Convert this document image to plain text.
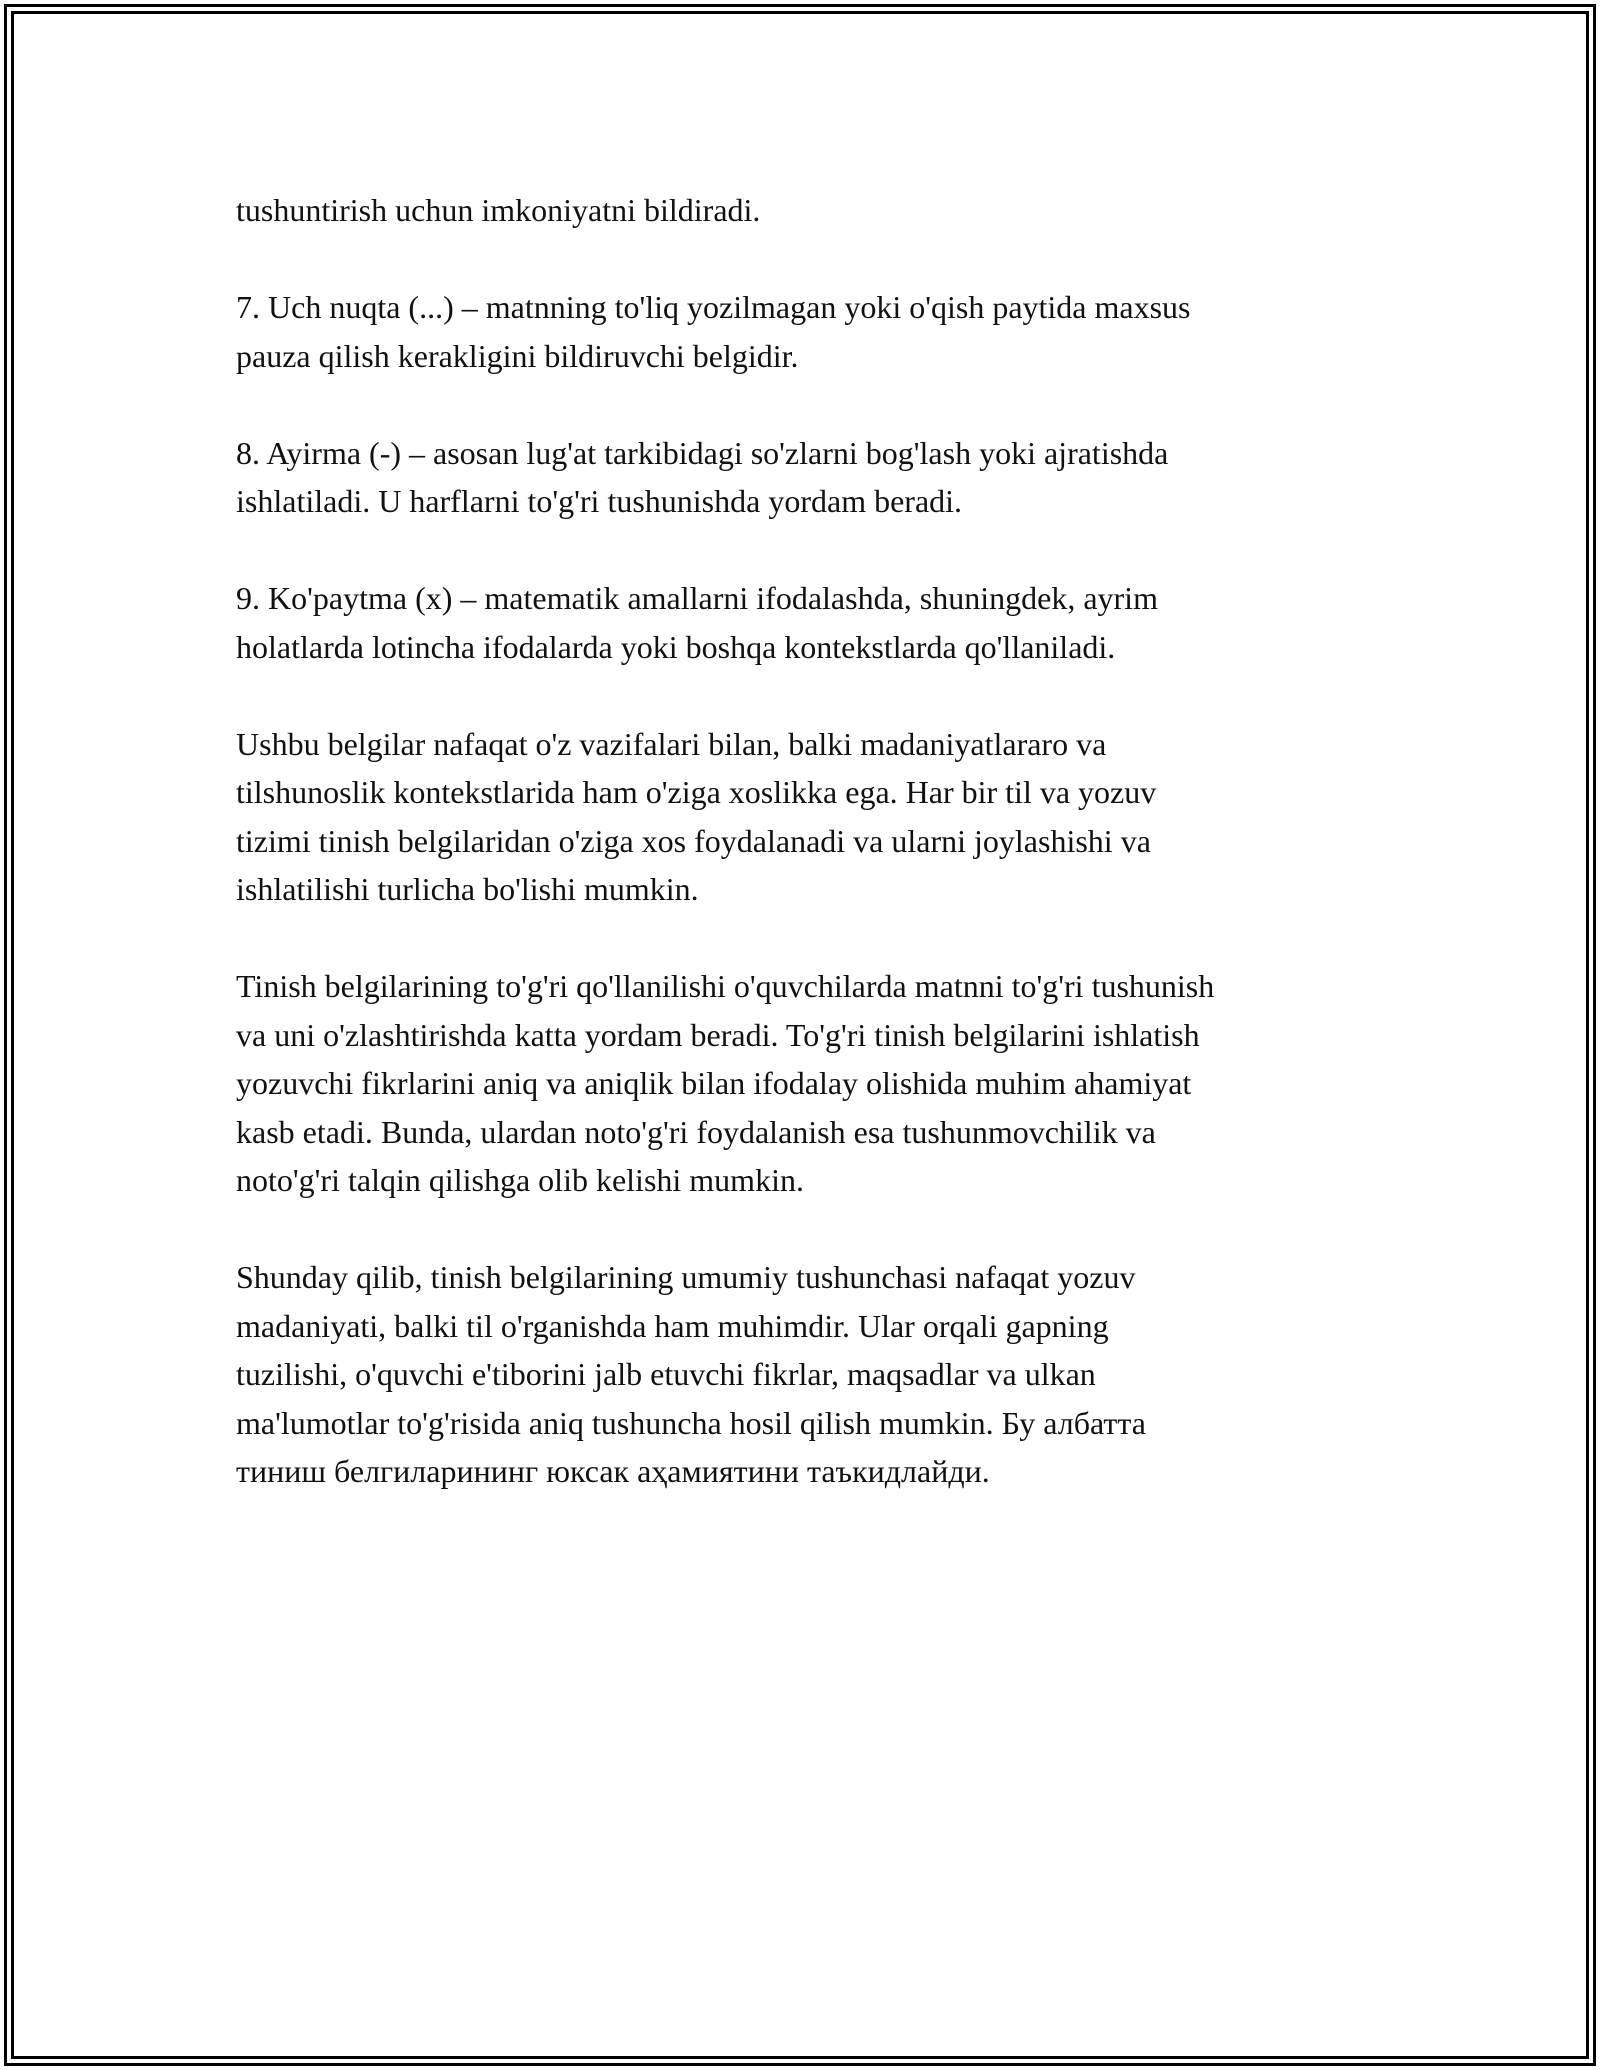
tushuntirish uchun imkoniyatni bildiradi.

7. Uch nuqta (...) – matnning to'liq yozilmagan yoki o'qish paytida maxsus
pauza qilish kerakligini bildiruvchi belgidir.

8. Ayirma (-) – asosan lug'at tarkibidagi so'zlarni bog'lash yoki ajratishda
ishlatiladi. U harflarni to'g'ri tushunishda yordam beradi.

9. Ko'paytma (x) – matematik amallarni ifodalashda, shuningdek, ayrim
holatlarda lotincha ifodalarda yoki boshqa kontekstlarda qo'llaniladi.

Ushbu belgilar nafaqat o'z vazifalari bilan, balki madaniyatlararo va
tilshunoslik kontekstlarida ham o'ziga xoslikka ega. Har bir til va yozuv
tizimi tinish belgilaridan o'ziga xos foydalanadi va ularni joylashishi va
ishlatilishi turlicha bo'lishi mumkin.

Tinish belgilarining to'g'ri qo'llanilishi o'quvchilarda matnni to'g'ri tushunish
va uni o'zlashtirishda katta yordam beradi. To'g'ri tinish belgilarini ishlatish
yozuvchi fikrlarini aniq va aniqlik bilan ifodalay olishida muhim ahamiyat
kasb etadi. Bunda, ulardan noto'g'ri foydalanish esa tushunmovchilik va
noto'g'ri talqin qilishga olib kelishi mumkin.

Shunday qilib, tinish belgilarining umumiy tushunchasi nafaqat yozuv
madaniyati, balki til o'rganishda ham muhimdir. Ular orqali gapning
tuzilishi, o'quvchi e'tiborini jalb etuvchi fikrlar, maqsadlar va ulkan
ma'lumotlar to'g'risida aniq tushuncha hosil qilish mumkin. Бу албатта
тиниш белгиларининг юксак аҳамиятини таъкидлайди.
